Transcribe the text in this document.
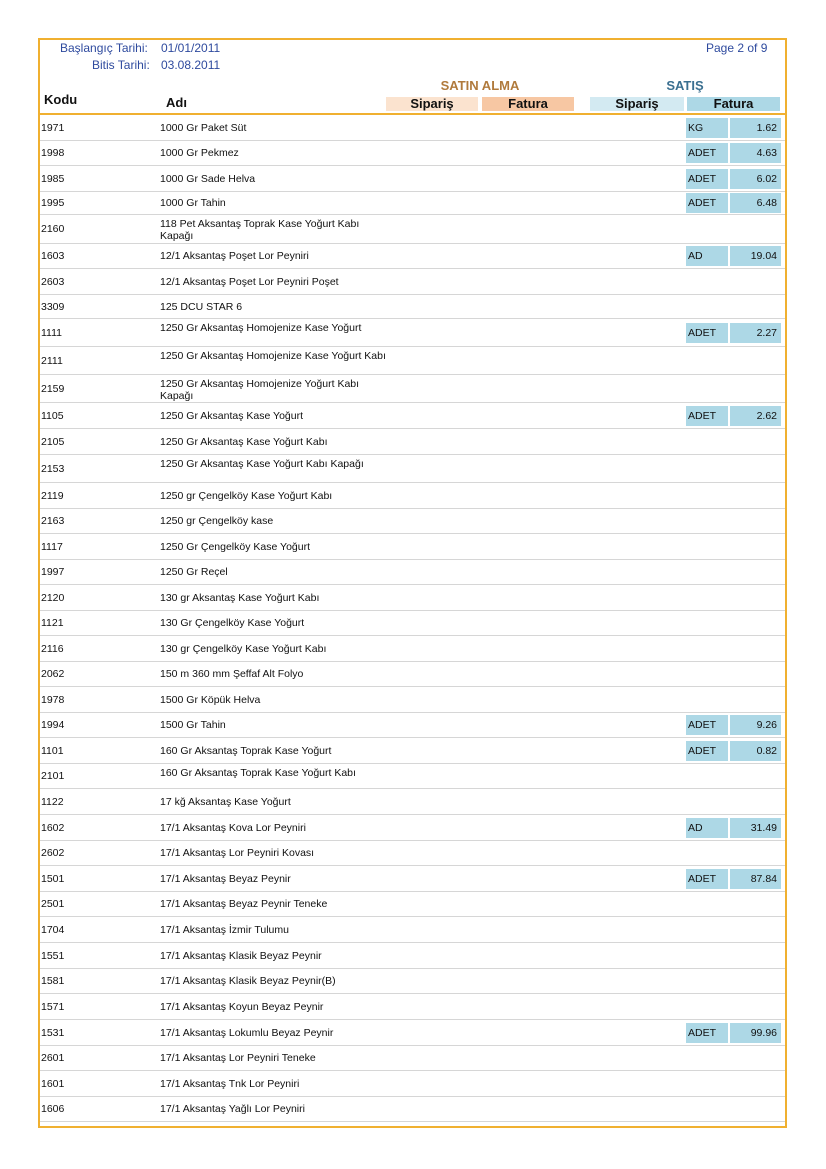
Başlangıç Tarihi: 01/01/2011
Bitis Tarihi: 03.08.2011
Page 2 of 9
SATIN ALMA	SATIŞ
Kodu	Adı	Sipariş	Fatura	Sipariş	Fatura
1971	1000 Gr Paket Süt	KG	1.62
1998	1000 Gr Pekmez	ADET	4.63
1985	1000 Gr Sade Helva	ADET	6.02
1995	1000 Gr Tahin	ADET	6.48
2160	118 Pet Aksantaş Toprak Kase Yoğurt Kabı Kapağı
1603	12/1 Aksantaş Poşet Lor Peyniri	AD	19.04
2603	12/1 Aksantaş Poşet Lor Peyniri Poşet
3309	125 DCU STAR 6
1111	1250 Gr Aksantaş Homojenize Kase Yoğurt	ADET	2.27
2111	1250 Gr Aksantaş Homojenize Kase Yoğurt Kabı
2159	1250 Gr Aksantaş Homojenize Yoğurt Kabı Kapağı
1105	1250 Gr Aksantaş Kase Yoğurt	ADET	2.62
2105	1250 Gr Aksantaş Kase Yoğurt Kabı
2153	1250 Gr Aksantaş Kase Yoğurt Kabı Kapağı
2119	1250 gr Çengelköy Kase Yoğurt Kabı
2163	1250 gr Çengelköy kase
1117	1250 Gr Çengelköy Kase Yoğurt
1997	1250 Gr Reçel
2120	130 gr Aksantaş Kase Yoğurt Kabı
1121	130 Gr Çengelköy Kase Yoğurt
2116	130 gr Çengelköy Kase Yoğurt Kabı
2062	150 m 360 mm Şeffaf Alt Folyo
1978	1500 Gr Köpük Helva
1994	1500 Gr Tahin	ADET	9.26
1101	160 Gr Aksantaş Toprak Kase Yoğurt	ADET	0.82
2101	160 Gr Aksantaş Toprak Kase Yoğurt Kabı
1122	17 kğ Aksantaş Kase Yoğurt
1602	17/1 Aksantaş Kova Lor Peyniri	AD	31.49
2602	17/1 Aksantaş Lor Peyniri Kovası
1501	17/1 Aksantaş Beyaz Peynir	ADET	87.84
2501	17/1 Aksantaş Beyaz Peynir Teneke
1704	17/1 Aksantaş İzmir Tulumu
1551	17/1 Aksantaş Klasik Beyaz Peynir
1581	17/1 Aksantaş Klasik Beyaz Peynir(B)
1571	17/1 Aksantaş Koyun Beyaz Peynir
1531	17/1 Aksantaş Lokumlu Beyaz Peynir	ADET	99.96
2601	17/1 Aksantaş Lor Peyniri Teneke
1601	17/1 Aksantaş Tnk Lor Peyniri
1606	17/1 Aksantaş Yağlı Lor Peyniri
